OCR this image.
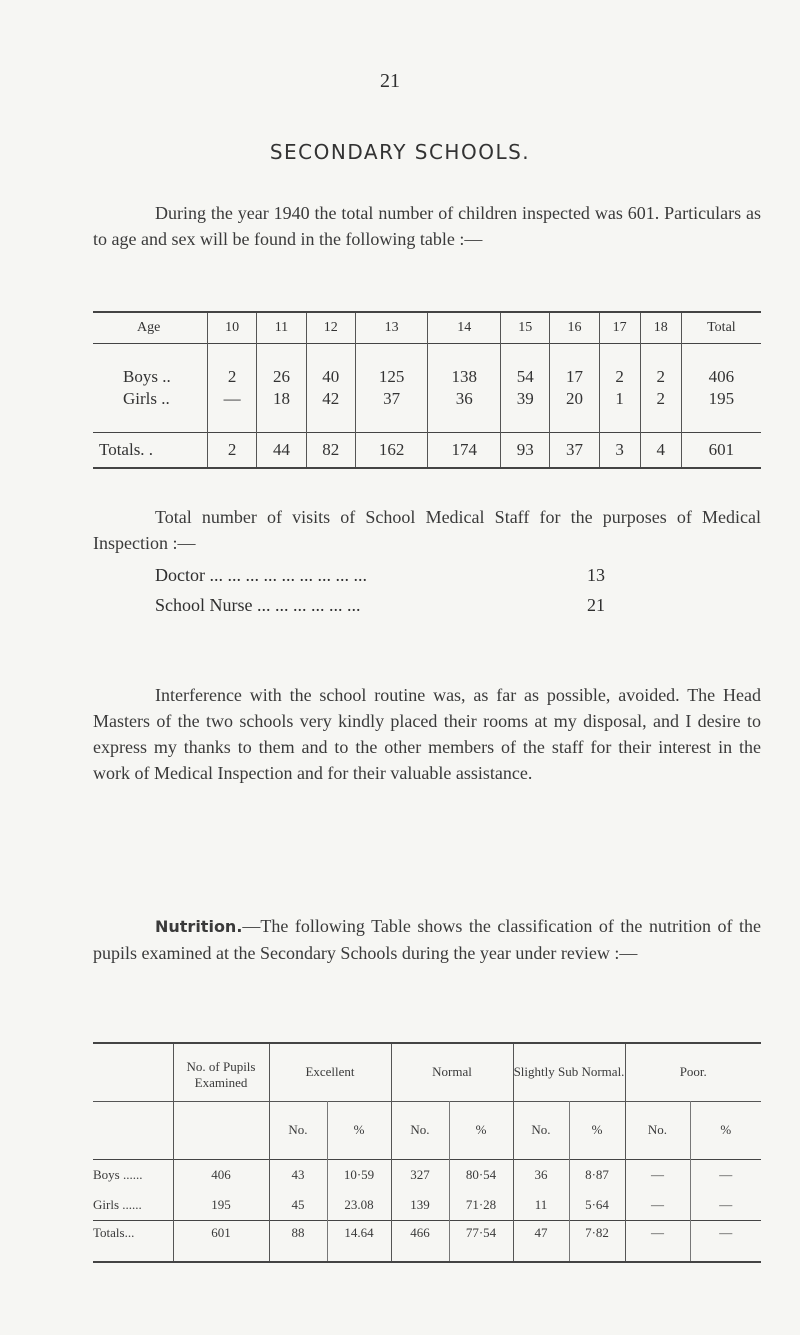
21
SECONDARY SCHOOLS.
During the year 1940 the total number of children inspected was 601. Particulars as to age and sex will be found in the following table :—
Age	10	11	12	13	14	15	16	17	18	Total

Boys ..	2	26	40	125	138	54	17	2	2	406
Girls ..	—	18	42	37	36	39	20	1	2	195

Totals. .	2	44	82	162	174	93	37	3	4	601
Total number of visits of School Medical Staff for the purposes of Medical Inspection :—
Doctor ... ... ... ... ... ... ... ... ...	13
School Nurse ... ... ... ... ... ...	21
Interference with the school routine was, as far as possible, avoided. The Head Masters of the two schools very kindly placed their rooms at my disposal, and I desire to express my thanks to them and to the other members of the staff for their interest in the work of Medical Inspection and for their valuable assistance.
Nutrition.—The following Table shows the classification of the nutrition of the pupils examined at the Secondary Schools during the year under review :—
	No. of Pupils Examined	Excellent		Normal		Slightly Sub Normal.		Poor.	
		No.	%	No.	%	No.	%	No.	%
Boys ......	406	43	10·59	327	80·54	36	8·87	—	—
Girls ......	195	45	23.08	139	71·28	11	5·64	—	—
Totals...	601	88	14.64	466	77·54	47	7·82	—	—
